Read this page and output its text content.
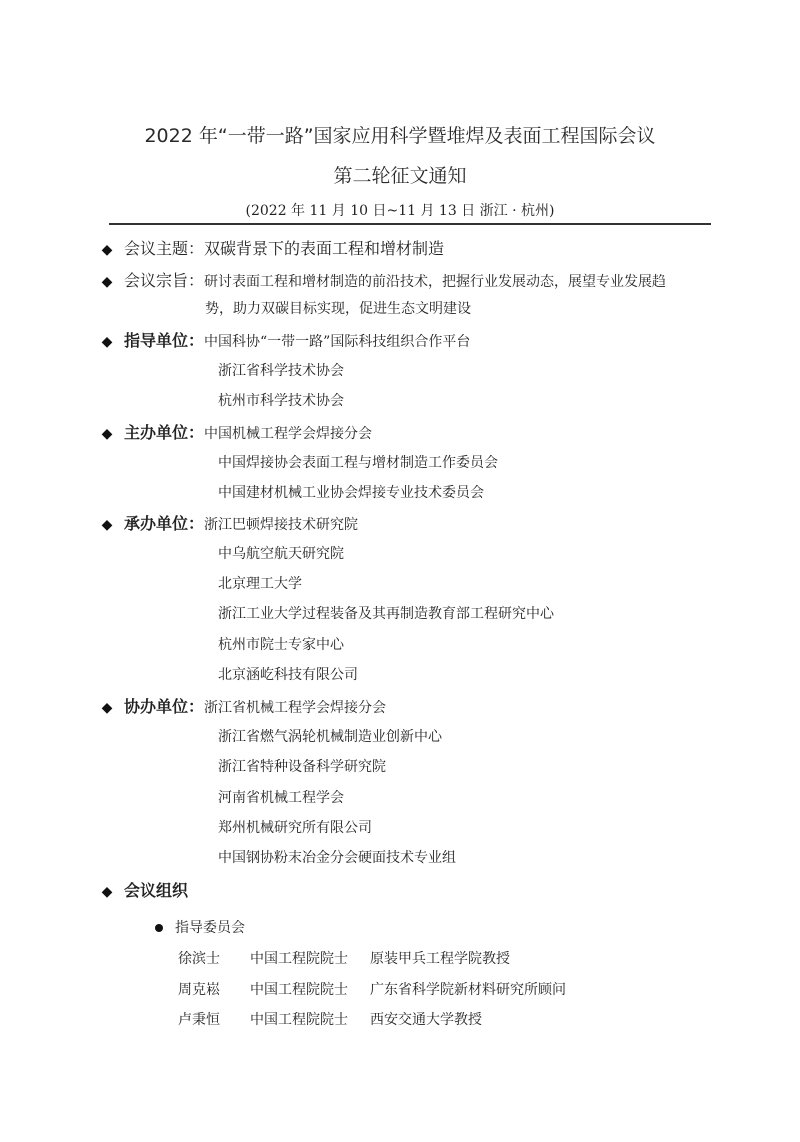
2022 年“一带一路”国家应用科学暨堆焊及表面工程国际会议
第二轮征文通知
(2022 年 11 月 10 日~11 月 13 日 浙江 · 杭州)
◆ 会议主题：双碳背景下的表面工程和增材制造
◆ 会议宗旨：研讨表面工程和增材制造的前沿技术，把握行业发展动态，展望专业发展趋
势，助力双碳目标实现，促进生态文明建设
◆ 指导单位：中国科协“一带一路”国际科技组织合作平台
浙江省科学技术协会
杭州市科学技术协会
◆ 主办单位：中国机械工程学会焊接分会
中国焊接协会表面工程与增材制造工作委员会
中国建材机械工业协会焊接专业技术委员会
◆ 承办单位：浙江巴顿焊接技术研究院
中乌航空航天研究院
北京理工大学
浙江工业大学过程装备及其再制造教育部工程研究中心
杭州市院士专家中心
北京涵屹科技有限公司
◆ 协办单位：浙江省机械工程学会焊接分会
浙江省燃气涡轮机械制造业创新中心
浙江省特种设备科学研究院
河南省机械工程学会
郑州机械研究所有限公司
中国钢协粉末冶金分会硬面技术专业组
◆ 会议组织
指导委员会
徐滨士 中国工程院院士 原装甲兵工程学院教授
周克崧 中国工程院院士 广东省科学院新材料研究所顾问
卢秉恒 中国工程院院士 西安交通大学教授
